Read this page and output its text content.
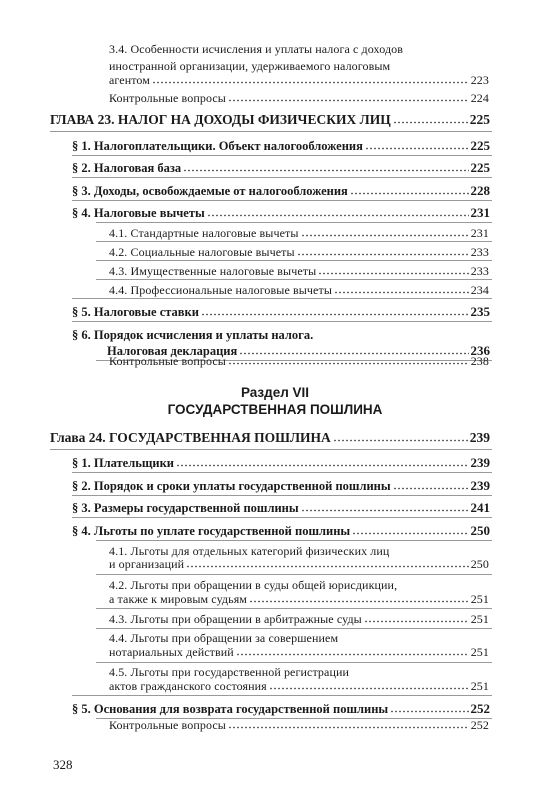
3.4. Особенности исчисления и уплаты налога с доходов
иностранной организации, удерживаемого налоговым
агентом	223
Контрольные вопросы	224
ГЛАВА 23. НАЛОГ НА ДОХОДЫ ФИЗИЧЕСКИХ ЛИЦ	225
§ 1. Налогоплательщики. Объект налогообложения	225
§ 2. Налоговая база	225
§ 3. Доходы, освобождаемые от налогообложения	228
§ 4. Налоговые вычеты	231
4.1. Стандартные налоговые вычеты	231
4.2. Социальные налоговые вычеты	233
4.3. Имущественные налоговые вычеты	233
4.4. Профессиональные налоговые вычеты	234
§ 5. Налоговые ставки	235
§ 6. Порядок исчисления и уплаты налога.
Налоговая декларация	236
Контрольные вопросы	238
Раздел VII
ГОСУДАРСТВЕННАЯ ПОШЛИНА
Глава 24. ГОСУДАРСТВЕННАЯ ПОШЛИНА	239
§ 1. Плательщики	239
§ 2. Порядок и сроки уплаты государственной пошлины	239
§ 3. Размеры государственной пошлины	241
§ 4. Льготы по уплате государственной пошлины	250
4.1. Льготы для отдельных категорий физических лиц
и организаций	250
4.2. Льготы при обращении в суды общей юрисдикции,
а также к мировым судьям	251
4.3. Льготы при обращении в арбитражные суды	251
4.4. Льготы при обращении за совершением
нотариальных действий	251
4.5. Льготы при государственной регистрации
актов гражданского состояния	251
§ 5. Основания для возврата государственной пошлины	252
Контрольные вопросы	252
328
